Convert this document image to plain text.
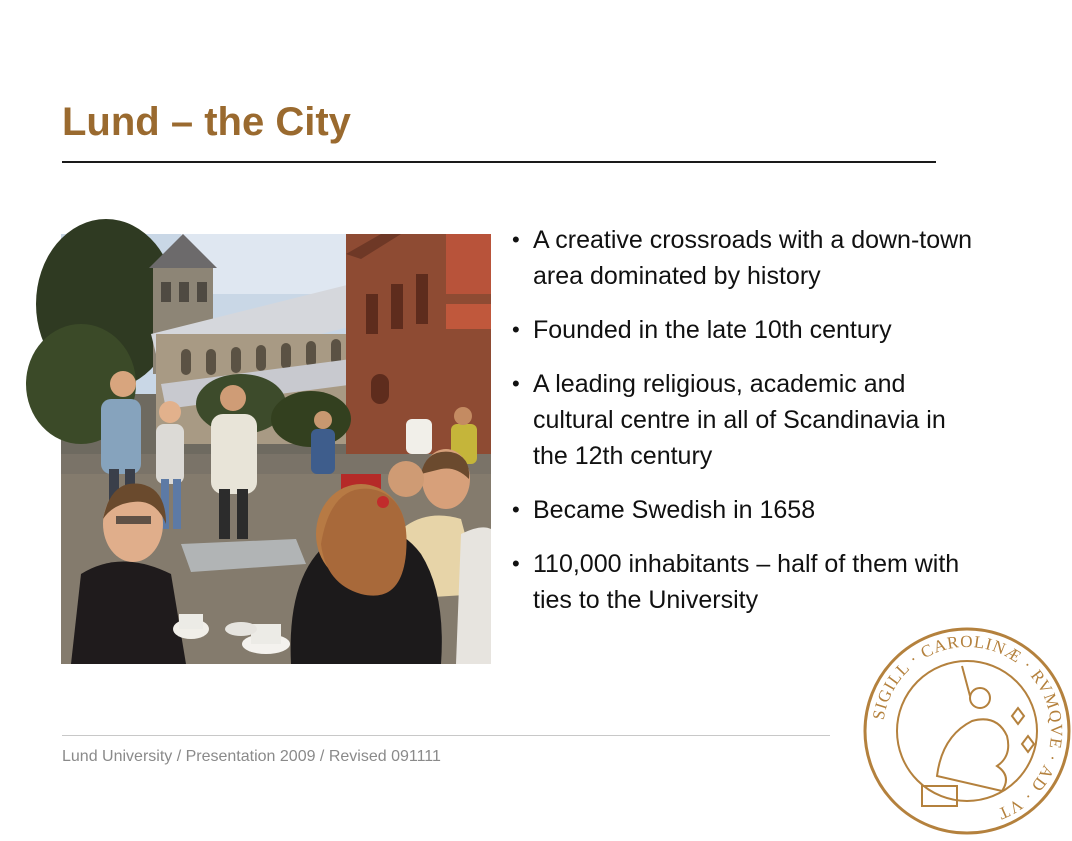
Lund – the City
• A creative crossroads with a down-town area dominated by history
• Founded in the late 10th century
• A leading religious, academic and cultural centre in all of Scandinavia in the 12th century
• Became Swedish in 1658
• 110,000 inhabitants – half of them with ties to the University
SIGILL · CAROLINÆ · RVMQVE · AD · VT
Lund University / Presentation 2009 / Revised 091111
